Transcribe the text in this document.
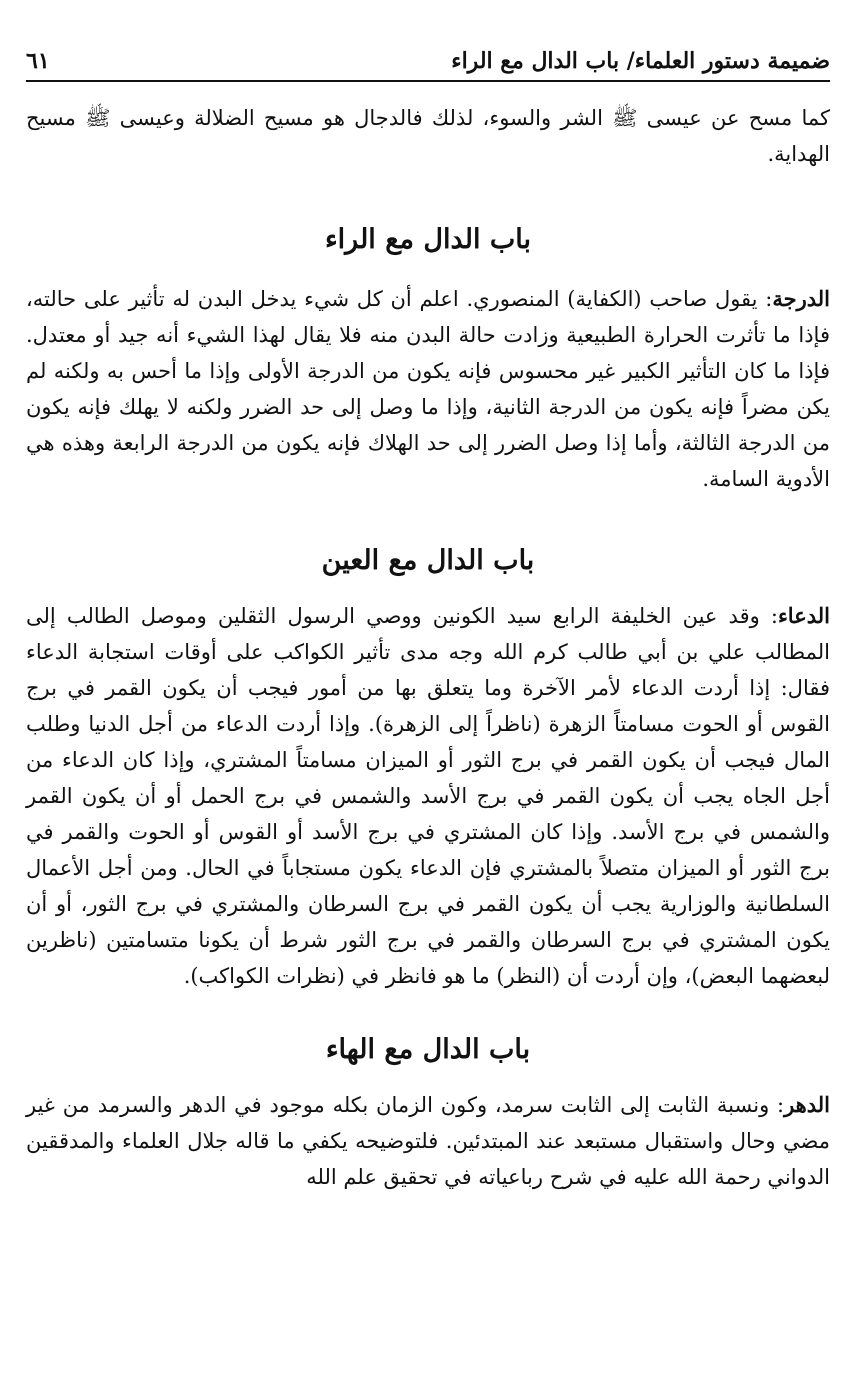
ضميمة دستور العلماء/ باب الدال مع الراء
٦١

كما مسح عن عيسى ﷺ الشر والسوء، لذلك فالدجال هو مسيح الضلالة وعيسى ﷺ مسيح الهداية.

باب الدال مع الراء

الدرجة: يقول صاحب (الكفاية) المنصوري. اعلم أن كل شيء يدخل البدن له تأثير على حالته، فإذا ما تأثرت الحرارة الطبيعية وزادت حالة البدن منه فلا يقال لهذا الشيء أنه جيد أو معتدل. فإذا ما كان التأثير الكبير غير محسوس فإنه يكون من الدرجة الأولى وإذا ما أحس به ولكنه لم يكن مضراً فإنه يكون من الدرجة الثانية، وإذا ما وصل إلى حد الضرر ولكنه لا يهلك فإنه يكون من الدرجة الثالثة، وأما إذا وصل الضرر إلى حد الهلاك فإنه يكون من الدرجة الرابعة وهذه هي الأدوية السامة.

باب الدال مع العين

الدعاء: وقد عين الخليفة الرابع سيد الكونين ووصي الرسول الثقلين وموصل الطالب إلى المطالب علي بن أبي طالب كرم الله وجه مدى تأثير الكواكب على أوقات استجابة الدعاء فقال: إذا أردت الدعاء لأمر الآخرة وما يتعلق بها من أمور فيجب أن يكون القمر في برج القوس أو الحوت مسامتاً الزهرة (ناظراً إلى الزهرة). وإذا أردت الدعاء من أجل الدنيا وطلب المال فيجب أن يكون القمر في برج الثور أو الميزان مسامتاً المشتري، وإذا كان الدعاء من أجل الجاه يجب أن يكون القمر في برج الأسد والشمس في برج الحمل أو أن يكون القمر والشمس في برج الأسد. وإذا كان المشتري في برج الأسد أو القوس أو الحوت والقمر في برج الثور أو الميزان متصلاً بالمشتري فإن الدعاء يكون مستجاباً في الحال. ومن أجل الأعمال السلطانية والوزارية يجب أن يكون القمر في برج السرطان والمشتري في برج الثور، أو أن يكون المشتري في برج السرطان والقمر في برج الثور شرط أن يكونا متسامتين (ناظرين لبعضهما البعض)، وإن أردت أن (النظر) ما هو فانظر في (نظرات الكواكب).

باب الدال مع الهاء

الدهر: ونسبة الثابت إلى الثابت سرمد، وكون الزمان بكله موجود في الدهر والسرمد من غير مضي وحال واستقبال مستبعد عند المبتدئين. فلتوضيحه يكفي ما قاله جلال العلماء والمدققين الدواني رحمة الله عليه في شرح رباعياته في تحقيق علم الله
